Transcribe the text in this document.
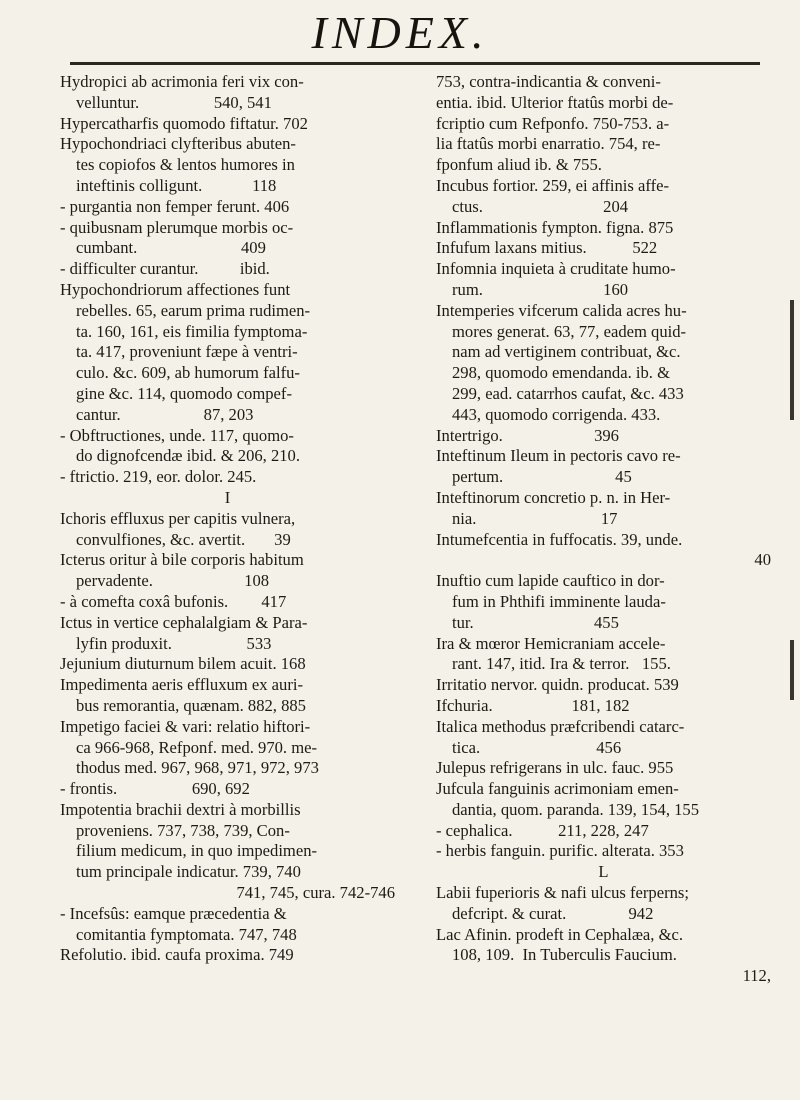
INDEX.
Hydropici ab acrimonia feri vix con-
velluntur.                  540, 541
Hypercatharfis quomodo fiftatur. 702
Hypochondriaci clyfteribus abuten-
tes copiofos & lentos humores in
inteftinis colligunt.            118
- purgantia non femper ferunt. 406
- quibusnam plerumque morbis oc-
cumbant.                         409
- difficulter curantur.          ibid.
Hypochondriorum affectiones funt
rebelles. 65, earum prima rudimen-
ta. 160, 161, eis fimilia fymptoma-
ta. 417, proveniunt fæpe à ventri-
culo. &c. 609, ab humorum falfu-
gine &c. 114, quomodo compef-
cantur.                    87, 203
- Obftructiones, unde. 117, quomo-
do dignofcendæ ibid. & 206, 210.
- ftrictio. 219, eor. dolor. 245.
I
Ichoris effluxus per capitis vulnera,
convulfiones, &c. avertit.       39
Icterus oritur à bile corporis habitum
pervadente.                      108
- à comefta coxâ bufonis.        417
Ictus in vertice cephalalgiam & Para-
lyfin produxit.                  533
Jejunium diuturnum bilem acuit. 168
Impedimenta aeris effluxum ex auri-
bus remorantia, quænam. 882, 885
Impetigo faciei & vari: relatio hiftori-
ca 966-968, Refponf. med. 970. me-
thodus med. 967, 968, 971, 972, 973
- frontis.                  690, 692
Impotentia brachii dextri à morbillis
proveniens. 737, 738, 739, Con-
filium medicum, in quo impedimen-
tum principale indicatur. 739, 740
741, 745, cura. 742-746
- Incefsûs: eamque præcedentia &
comitantia fymptomata. 747, 748
Refolutio. ibid. caufa proxima. 749
753, contra-indicantia & conveni-
entia. ibid. Ulterior ftatûs morbi de-
fcriptio cum Refponfo. 750-753. a-
lia ftatûs morbi enarratio. 754, re-
fponfum aliud ib. & 755.
Incubus fortior. 259, ei affinis affe-
ctus.                             204
Inflammationis fympton. figna. 875
Infufum laxans mitius.           522
Infomnia inquieta à cruditate humo-
rum.                             160
Intemperies vifcerum calida acres hu-
mores generat. 63, 77, eadem quid-
nam ad vertiginem contribuat, &c.
298, quomodo emendanda. ib. &
299, ead. catarrhos caufat, &c. 433
443, quomodo corrigenda. 433.
Intertrigo.                      396
Inteftinum Ileum in pectoris cavo re-
pertum.                           45
Inteftinorum concretio p. n. in Her-
nia.                              17
Intumefcentia in fuffocatis. 39, unde.
40
Inuftio cum lapide cauftico in dor-
fum in Phthifi imminente lauda-
tur.                             455
Ira & mœror Hemicraniam accele-
rant. 147, itid. Ira & terror.   155.
Irritatio nervor. quidn. producat. 539
Ifchuria.                   181, 182
Italica methodus præfcribendi catarc-
tica.                            456
Julepus refrigerans in ulc. fauc. 955
Jufcula fanguinis acrimoniam emen-
dantia, quom. paranda. 139, 154, 155
- cephalica.           211, 228, 247
- herbis fanguin. purific. alterata. 353
L
Labii fuperioris & nafi ulcus ferperns;
defcript. & curat.               942
Lac Afinin. prodeft in Cephalæa, &c.
108, 109.  In Tuberculis Faucium.
112,
